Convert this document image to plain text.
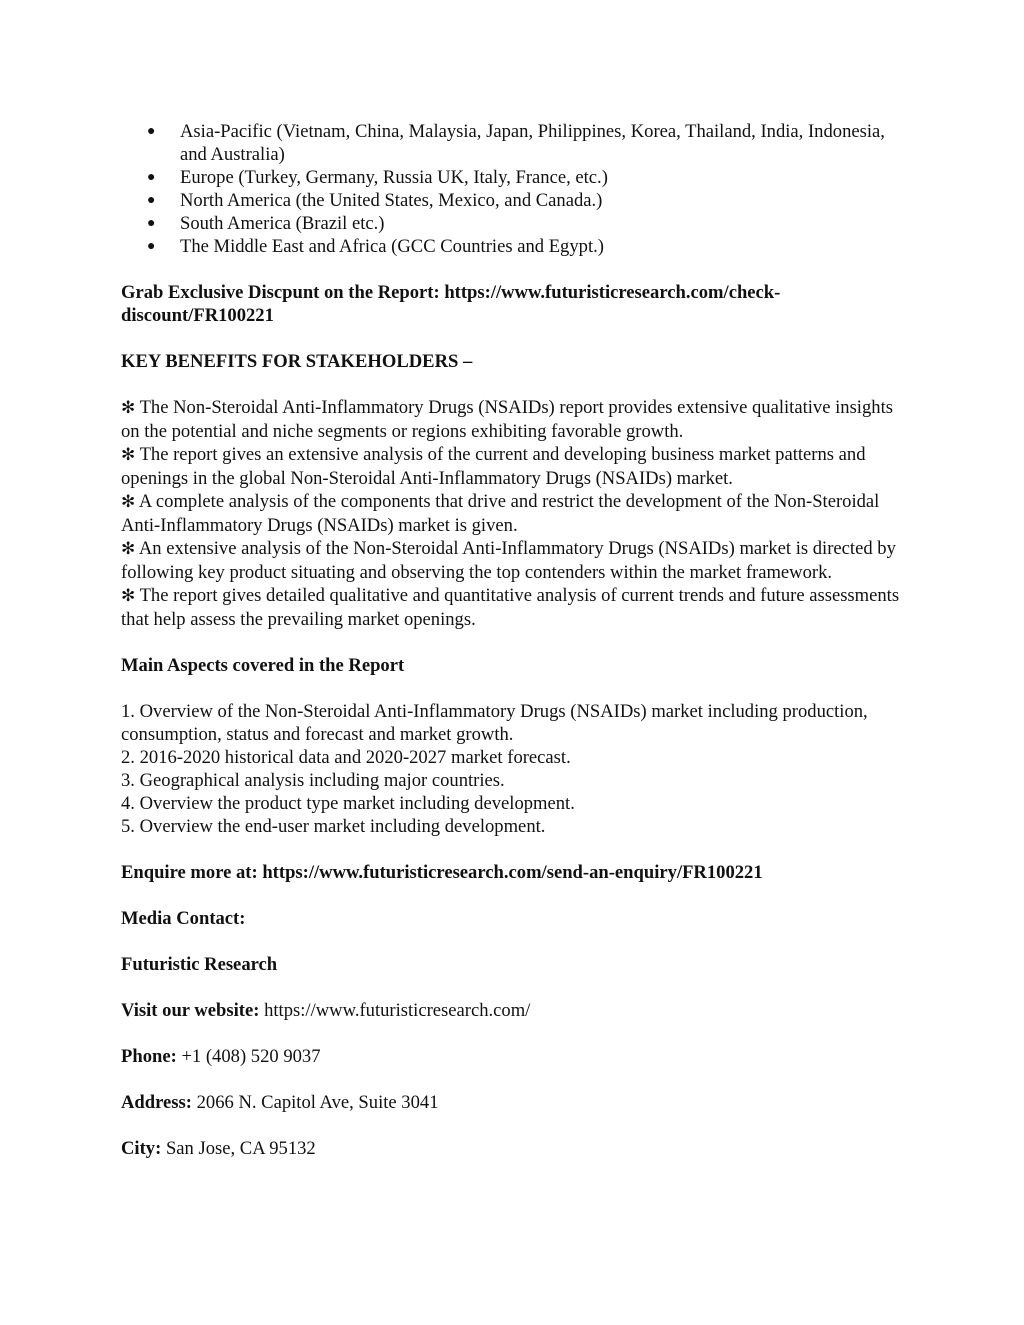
● Asia-Pacific (Vietnam, China, Malaysia, Japan, Philippines, Korea, Thailand, India, Indonesia, and Australia)
● Europe (Turkey, Germany, Russia UK, Italy, France, etc.)
● North America (the United States, Mexico, and Canada.)
● South America (Brazil etc.)
● The Middle East and Africa (GCC Countries and Egypt.)

Grab Exclusive Discpunt on the Report: https://www.futuristicresearch.com/check-discount/FR100221

KEY BENEFITS FOR STAKEHOLDERS –

✻ The Non-Steroidal Anti-Inflammatory Drugs (NSAIDs) report provides extensive qualitative insights on the potential and niche segments or regions exhibiting favorable growth.

✻ The report gives an extensive analysis of the current and developing business market patterns and openings in the global Non-Steroidal Anti-Inflammatory Drugs (NSAIDs) market.

✻ A complete analysis of the components that drive and restrict the development of the Non-Steroidal Anti-Inflammatory Drugs (NSAIDs) market is given.

✻ An extensive analysis of the Non-Steroidal Anti-Inflammatory Drugs (NSAIDs) market is directed by following key product situating and observing the top contenders within the market framework.

✻ The report gives detailed qualitative and quantitative analysis of current trends and future assessments that help assess the prevailing market openings.

Main Aspects covered in the Report

1. Overview of the Non-Steroidal Anti-Inflammatory Drugs (NSAIDs) market including production, consumption, status and forecast and market growth.

2. 2016-2020 historical data and 2020-2027 market forecast.

3. Geographical analysis including major countries.

4. Overview the product type market including development.

5. Overview the end-user market including development.

Enquire more at: https://www.futuristicresearch.com/send-an-enquiry/FR100221

Media Contact:

Futuristic Research

Visit our website: https://www.futuristicresearch.com/

Phone: +1 (408) 520 9037

Address: 2066 N. Capitol Ave, Suite 3041

City: San Jose, CA 95132
